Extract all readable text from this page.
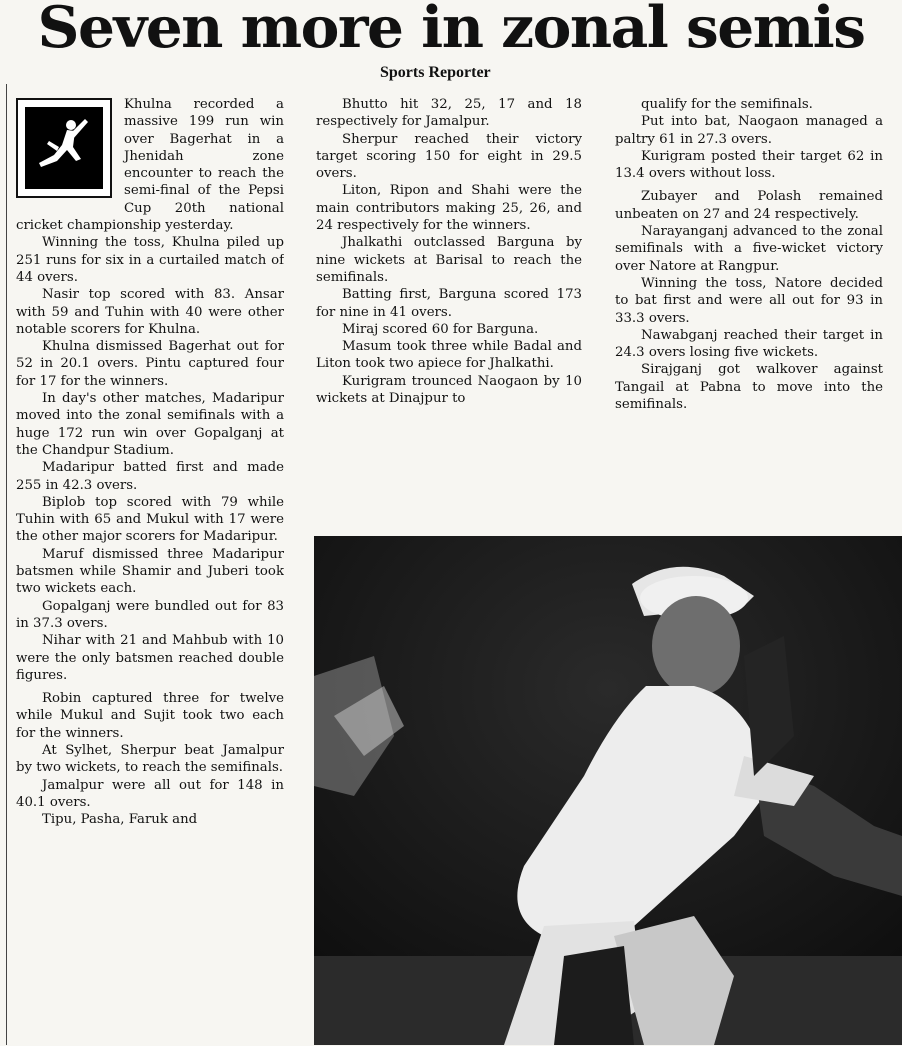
Seven more in zonal semis
Sports Reporter

Khulna recorded a massive 199 run win over Bagerhat in a Jhenidah zone encounter to reach the semi-final of the Pepsi Cup 20th national cricket championship yesterday.

Winning the toss, Khulna piled up 251 runs for six in a curtailed match of 44 overs.

Nasir top scored with 83. Ansar with 59 and Tuhin with 40 were other notable scorers for Khulna.

Khulna dismissed Bagerhat out for 52 in 20.1 overs. Pintu captured four for 17 for the winners.

In day's other matches, Madaripur moved into the zonal semifinals with a huge 172 run win over Gopalganj at the Chandpur Stadium.

Madaripur batted first and made 255 in 42.3 overs.

Biplob top scored with 79 while Tuhin with 65 and Mukul with 17 were the other major scorers for Madaripur.

Maruf dismissed three Madaripur batsmen while Shamir and Juberi took two wickets each.

Gopalganj were bundled out for 83 in 37.3 overs.

Nihar with 21 and Mahbub with 10 were the only batsmen reached double figures.

Robin captured three for twelve while Mukul and Sujit took two each for the winners.

At Sylhet, Sherpur beat Jamalpur by two wickets, to reach the semifinals.

Jamalpur were all out for 148 in 40.1 overs.

Tipu, Pasha, Faruk and

Bhutto hit 32, 25, 17 and 18 respectively for Jamalpur.

Sherpur reached their victory target scoring 150 for eight in 29.5 overs.

Liton, Ripon and Shahi were the main contributors making 25, 26, and 24 respectively for the winners.

Jhalkathi outclassed Barguna by nine wickets at Barisal to reach the semifinals.

Batting first, Barguna scored 173 for nine in 41 overs.

Miraj scored 60 for Barguna.

Masum took three while Badal and Liton took two apiece for Jhalkathi.

Kurigram trounced Naogaon by 10 wickets at Dinajpur to

qualify for the semifinals.

Put into bat, Naogaon managed a paltry 61 in 27.3 overs.

Kurigram posted their target 62 in 13.4 overs without loss.

Zubayer and Polash remained unbeaten on 27 and 24 respectively.

Narayanganj advanced to the zonal semifinals with a five-wicket victory over Natore at Rangpur.

Winning the toss, Natore decided to bat first and were all out for 93 in 33.3 overs.

Nawabganj reached their target in 24.3 overs losing five wickets.

Sirajganj got walkover against Tangail at Pabna to move into the semifinals.
